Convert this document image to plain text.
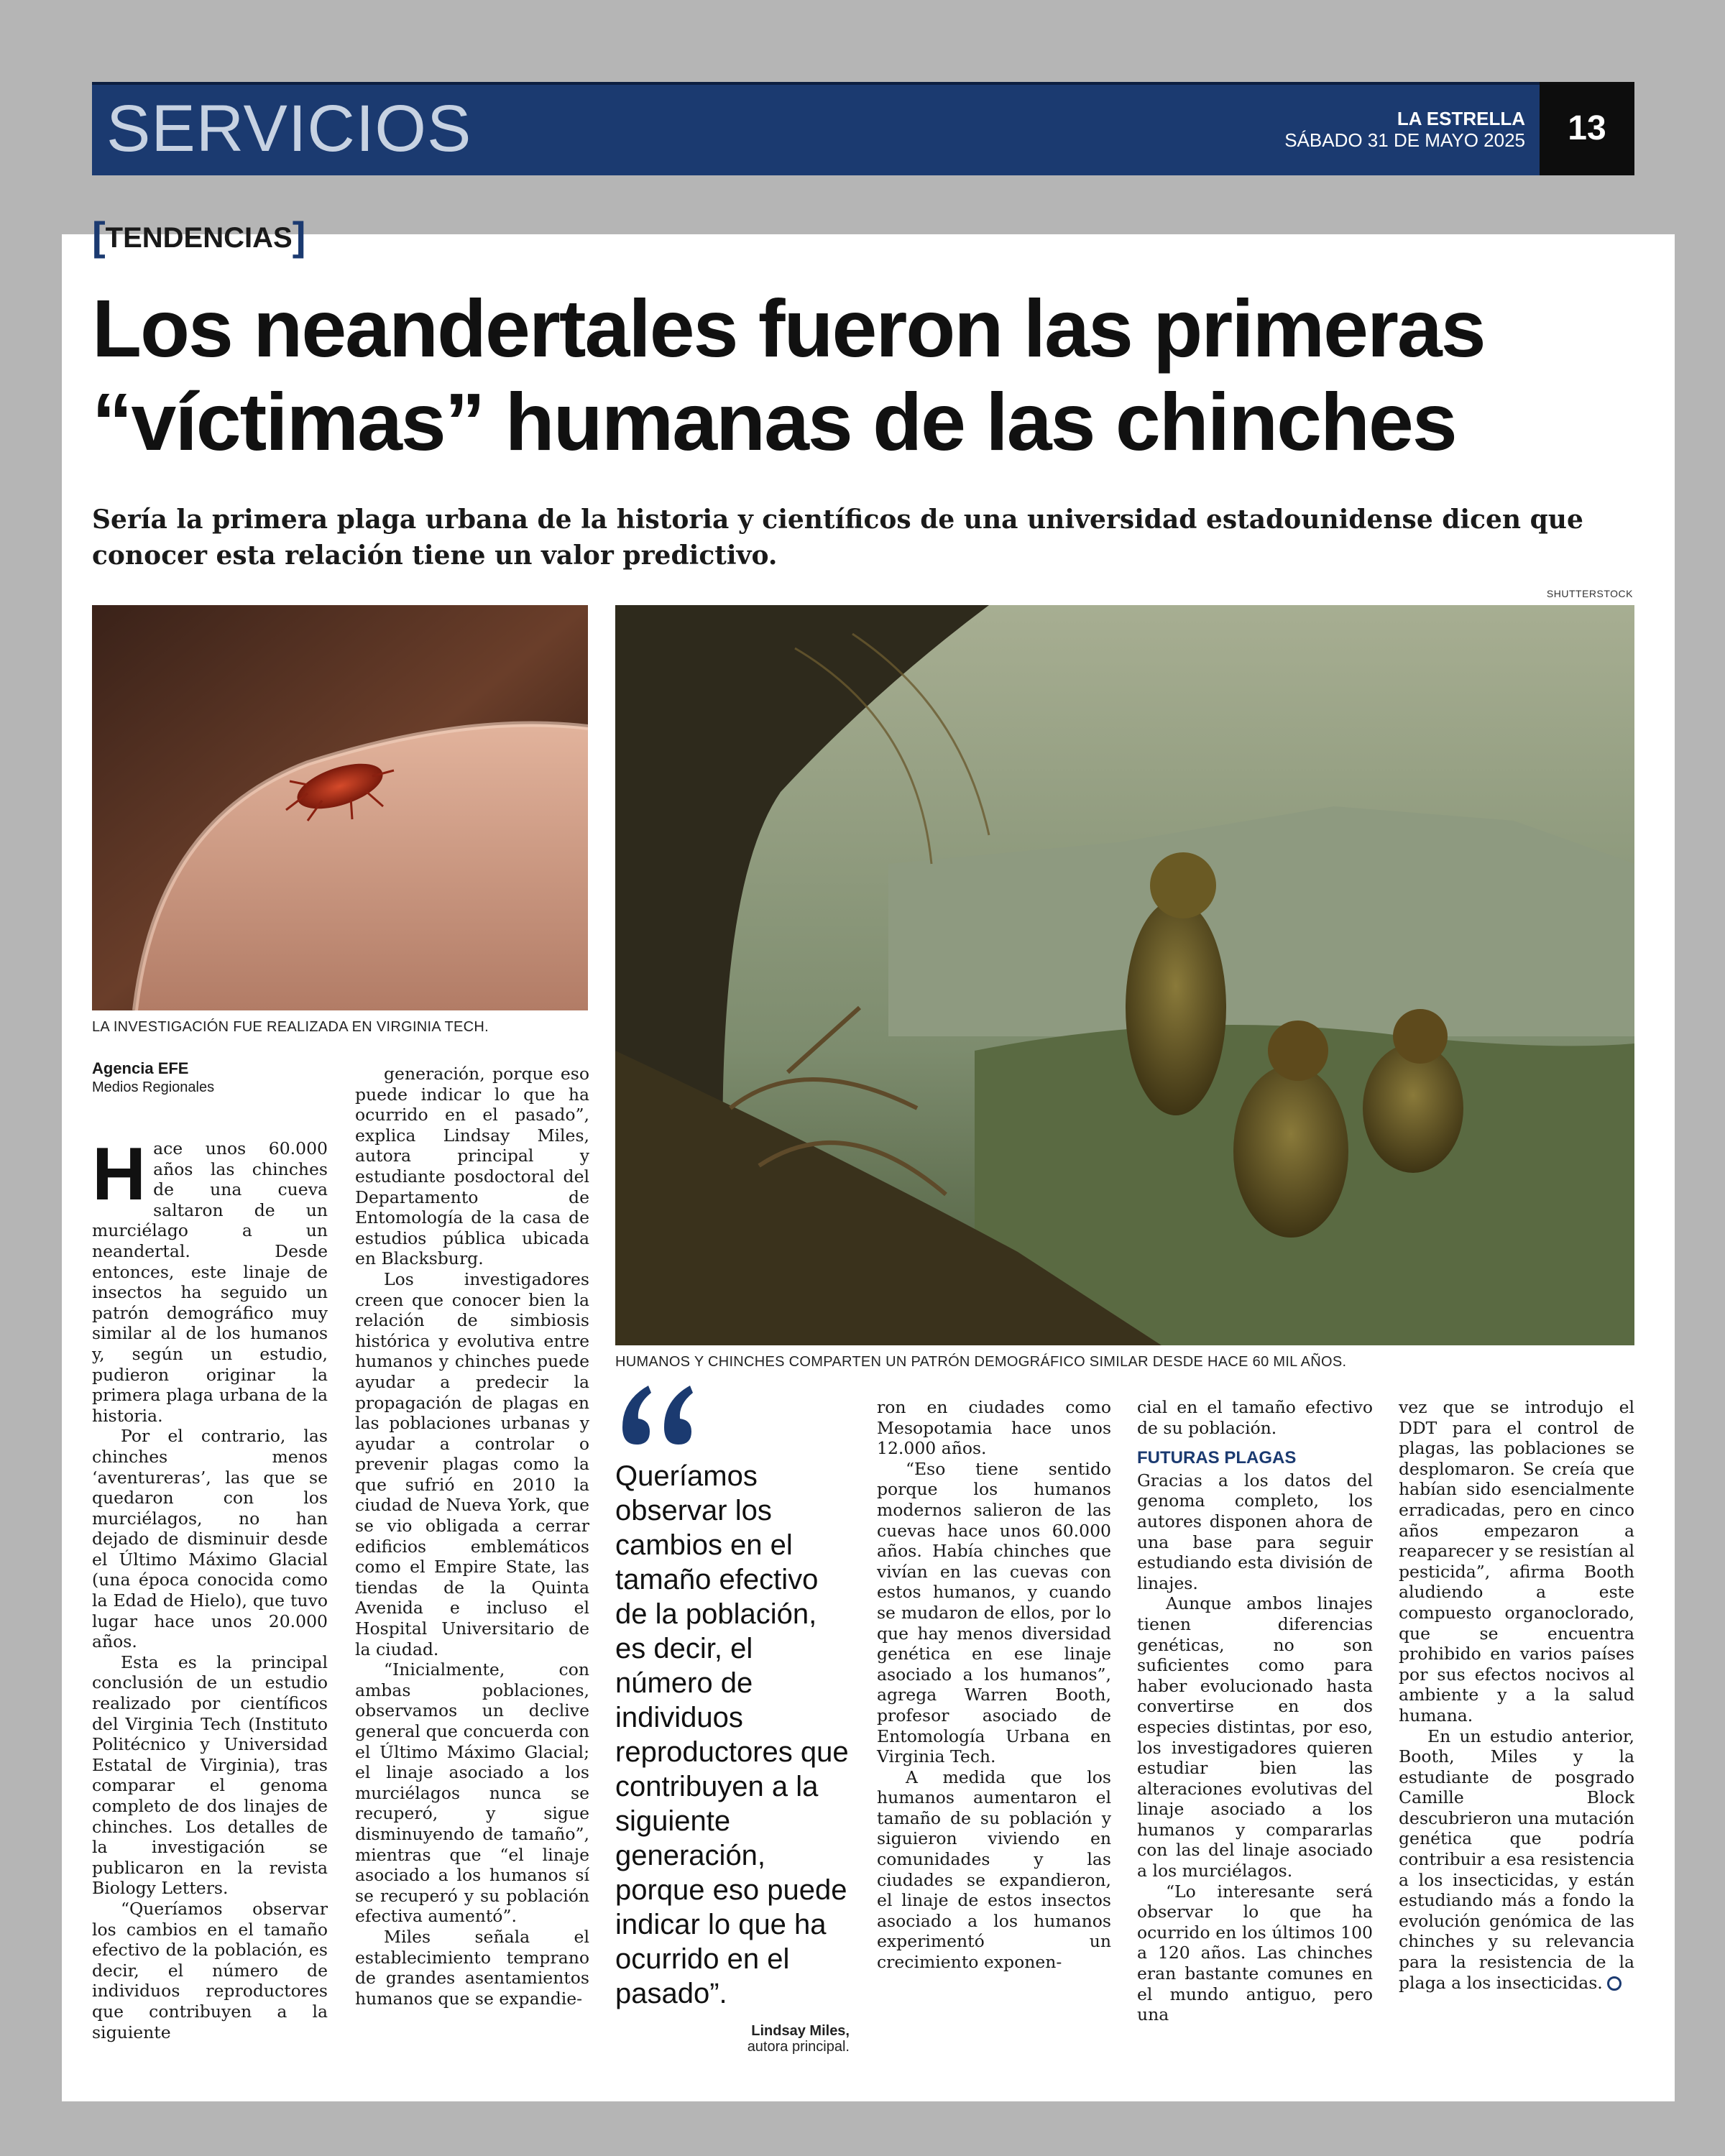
SERVICIOS	LA ESTRELLA
SÁBADO 31 DE MAYO 2025	13
[TENDENCIAS]
Los neandertales fueron las primeras
“víctimas” humanas de las chinches
Sería la primera plaga urbana de la historia y científicos de una universidad estadounidense dicen que conocer esta relación tiene un valor predictivo.
SHUTTERSTOCK
LA INVESTIGACIÓN FUE REALIZADA EN VIRGINIA TECH.
HUMANOS Y CHINCHES COMPARTEN UN PATRÓN DEMOGRÁFICO SIMILAR DESDE HACE 60 MIL AÑOS.
Agencia EFE
Medios Regionales

Hace unos 60.000 años las chinches de una cueva saltaron de un murciélago a un neandertal. Desde entonces, este linaje de insectos ha seguido un patrón demográfico muy similar al de los humanos y, según un estudio, pudieron originar la primera plaga urbana de la historia.

Por el contrario, las chinches menos ‘aventureras’, las que se quedaron con los murciélagos, no han dejado de disminuir desde el Último Máximo Glacial (una época conocida como la Edad de Hielo), que tuvo lugar hace unos 20.000 años.

Esta es la principal conclusión de un estudio realizado por científicos del Virginia Tech (Instituto Politécnico y Universidad Estatal de Virginia), tras comparar el genoma completo de dos linajes de chinches. Los detalles de la investigación se publicaron en la revista Biology Letters.

“Queríamos observar los cambios en el tamaño efectivo de la población, es decir, el número de individuos reproductores que contribuyen a la siguiente

generación, porque eso puede indicar lo que ha ocurrido en el pasado”, explica Lindsay Miles, autora principal y estudiante posdoctoral del Departamento de Entomología de la casa de estudios pública ubicada en Blacksburg.

Los investigadores creen que conocer bien la relación de simbiosis histórica y evolutiva entre humanos y chinches puede ayudar a predecir la propagación de plagas en las poblaciones urbanas y ayudar a controlar o prevenir plagas como la que sufrió en 2010 la ciudad de Nueva York, que se vio obligada a cerrar edificios emblemáticos como el Empire State, las tiendas de la Quinta Avenida e incluso el Hospital Universitario de la ciudad.

“Inicialmente, con ambas poblaciones, observamos un declive general que concuerda con el Último Máximo Glacial; el linaje asociado a los murciélagos nunca se recuperó, y sigue disminuyendo de tamaño”, mientras que “el linaje asociado a los humanos sí se recuperó y su población efectiva aumentó”.

Miles señala el establecimiento temprano de grandes asentamientos humanos que se expandie-

Queríamos observar los cambios en el tamaño efectivo de la población, es decir, el número de individuos reproductores que contribuyen a la siguiente generación, porque eso puede indicar lo que ha ocurrido en el pasado”.
Lindsay Miles,
autora principal.

ron en ciudades como Mesopotamia hace unos 12.000 años.

“Eso tiene sentido porque los humanos modernos salieron de las cuevas hace unos 60.000 años. Había chinches que vivían en las cuevas con estos humanos, y cuando se mudaron de ellos, por lo que hay menos diversidad genética en ese linaje asociado a los humanos”, agrega Warren Booth, profesor asociado de Entomología Urbana en Virginia Tech.

A medida que los humanos aumentaron el tamaño de su población y siguieron viviendo en comunidades y las ciudades se expandieron, el linaje de estos insectos asociado a los humanos experimentó un crecimiento exponen-

cial en el tamaño efectivo de su población.

FUTURAS PLAGAS

Gracias a los datos del genoma completo, los autores disponen ahora de una base para seguir estudiando esta división de linajes.

Aunque ambos linajes tienen diferencias genéticas, no son suficientes como para haber evolucionado hasta convertirse en dos especies distintas, por eso, los investigadores quieren estudiar bien las alteraciones evolutivas del linaje asociado a los humanos y compararlas con las del linaje asociado a los murciélagos.

“Lo interesante será observar lo que ha ocurrido en los últimos 100 a 120 años. Las chinches eran bastante comunes en el mundo antiguo, pero una

vez que se introdujo el DDT para el control de plagas, las poblaciones se desplomaron. Se creía que habían sido esencialmente erradicadas, pero en cinco años empezaron a reaparecer y se resistían al pesticida”, afirma Booth aludiendo a este compuesto organoclorado, que se encuentra prohibido en varios países por sus efectos nocivos al ambiente y a la salud humana.

En un estudio anterior, Booth, Miles y la estudiante de posgrado Camille Block descubrieron una mutación genética que podría contribuir a esa resistencia a los insecticidas, y están estudiando más a fondo la evolución genómica de las chinches y su relevancia para la resistencia de la plaga a los insecticidas.
